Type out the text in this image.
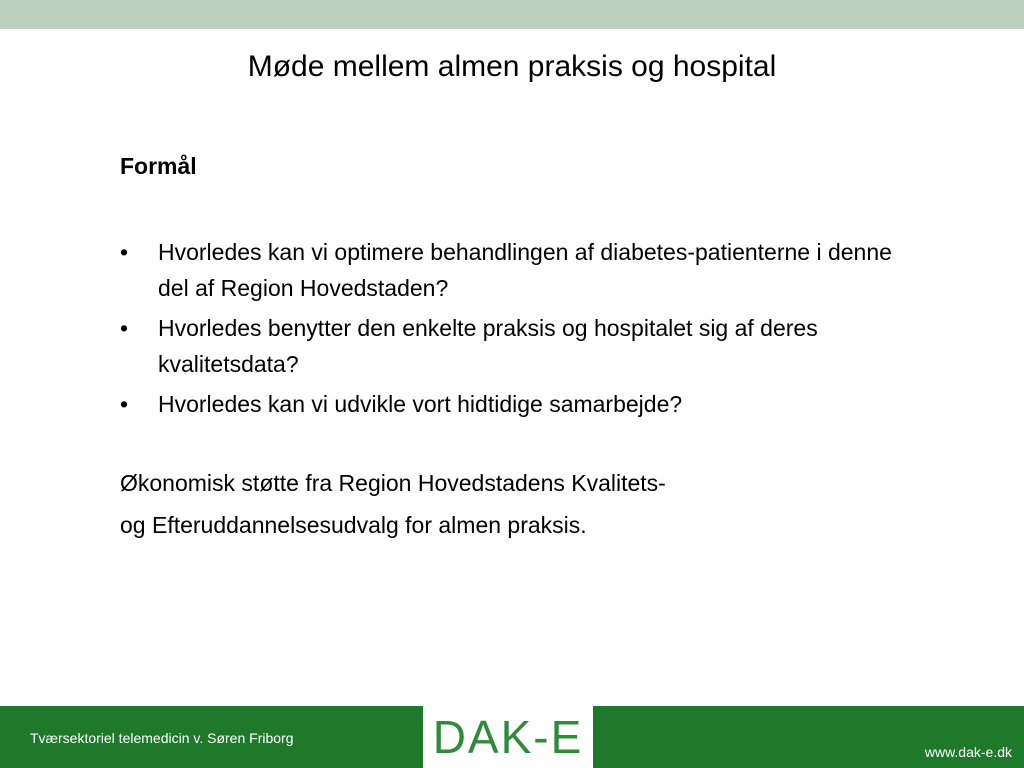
Møde mellem almen praksis og hospital

Formål

•	Hvorledes kan vi optimere behandlingen af diabetes-patienterne i denne del af Region Hovedstaden?
•	Hvorledes benytter den enkelte praksis og hospitalet sig af deres kvalitetsdata?
•	Hvorledes kan vi udvikle vort hidtidige samarbejde?

Økonomisk støtte fra Region Hovedstadens Kvalitets-

og Efteruddannelsesudvalg for almen praksis.

Tværsektoriel telemedicin v. Søren Friborg	DAK-E	www.dak-e.dk
